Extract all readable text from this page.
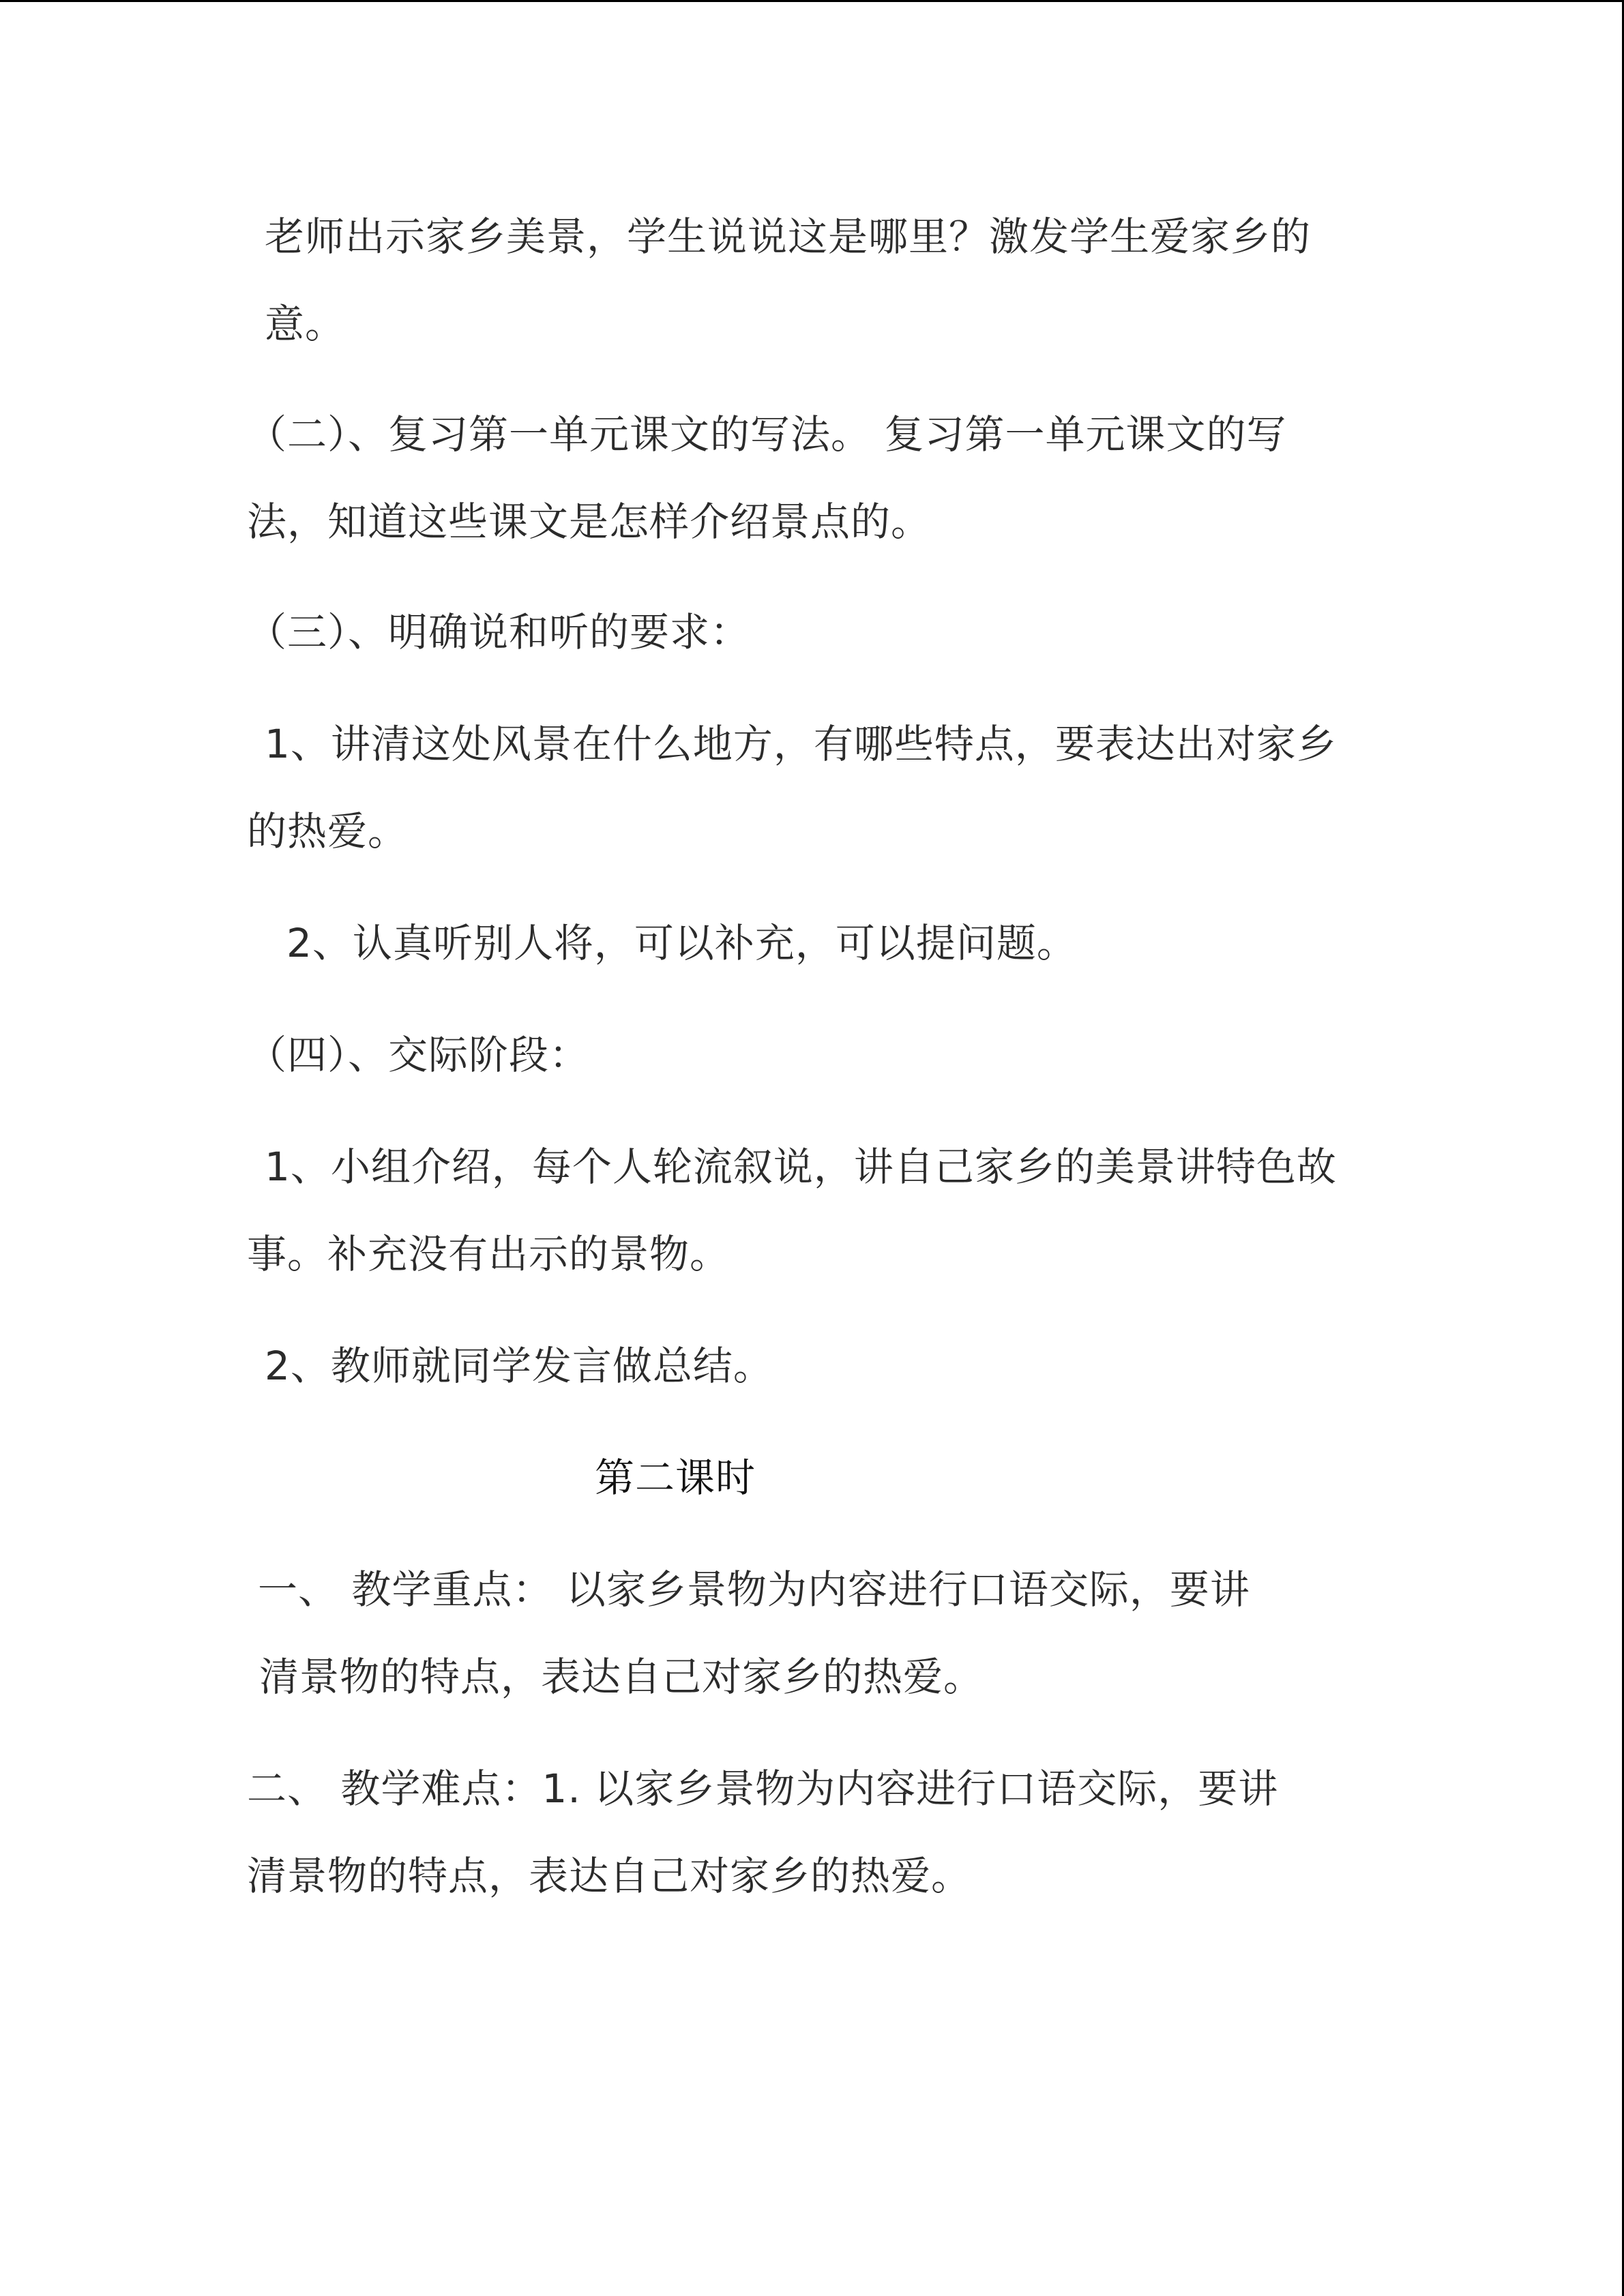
老师出示家乡美景，学生说说这是哪里？激发学生爱家乡的
意。
（二）、复习第一单元课文的写法。 复习第一单元课文的写
法，知道这些课文是怎样介绍景点的。
（三）、明确说和听的要求：
1、讲清这处风景在什么地方，有哪些特点，要表达出对家乡
的热爱。
2、认真听别人将，可以补充，可以提问题。
（四）、交际阶段：
1、小组介绍，每个人轮流叙说，讲自己家乡的美景讲特色故
事。补充没有出示的景物。
2、教师就同学发言做总结。
第二课时
一、 教学重点： 以家乡景物为内容进行口语交际，要讲
清景物的特点，表达自己对家乡的热爱。
二、 教学难点：1. 以家乡景物为内容进行口语交际，要讲
清景物的特点，表达自己对家乡的热爱。
